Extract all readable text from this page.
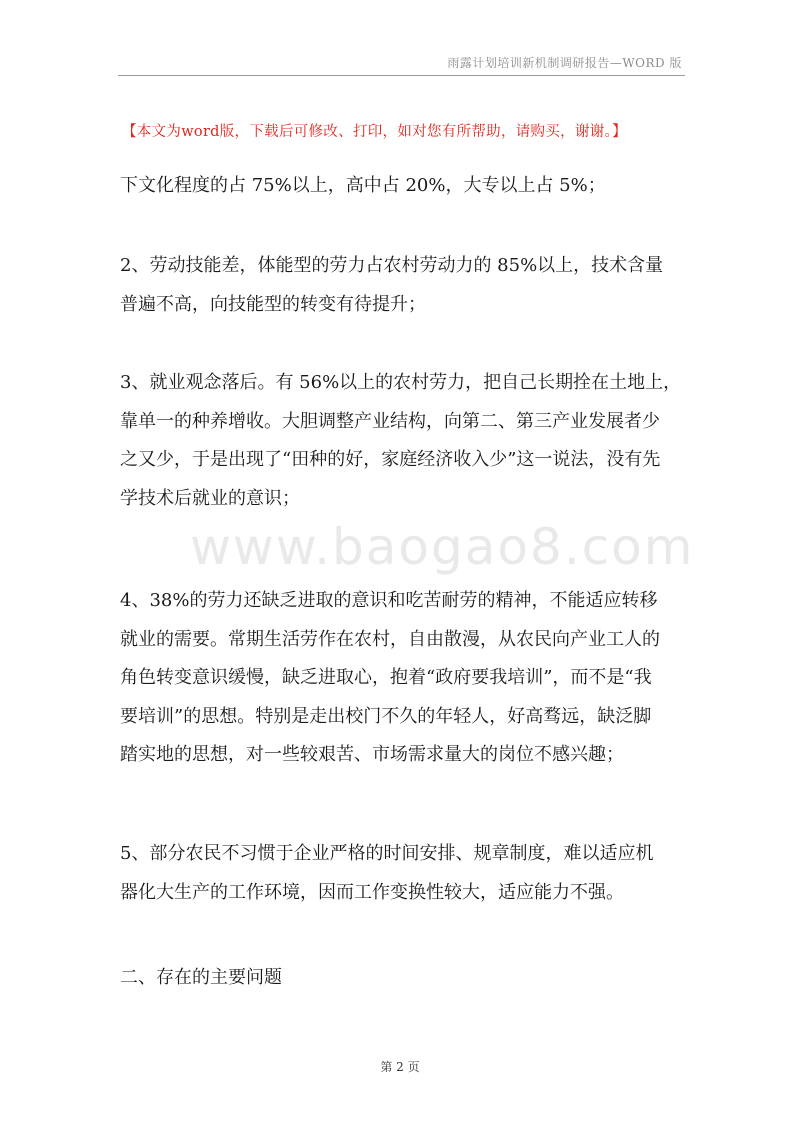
雨露计划培训新机制调研报告—WORD 版
【本文为word版，下载后可修改、打印，如对您有所帮助，请购买，谢谢。】
www.baogao8.com

下文化程度的占 75%以上，高中占 20%，大专以上占 5%；

2、劳动技能差，体能型的劳力占农村劳动力的 85%以上，技术含量
普遍不高，向技能型的转变有待提升；

3、就业观念落后。有 56%以上的农村劳力，把自己长期拴在土地上，
靠单一的种养增收。大胆调整产业结构，向第二、第三产业发展者少
之又少，于是出现了“田种的好，家庭经济收入少”这一说法，没有先
学技术后就业的意识；

4、38%的劳力还缺乏进取的意识和吃苦耐劳的精神，不能适应转移
就业的需要。常期生活劳作在农村，自由散漫，从农民向产业工人的
角色转变意识缓慢，缺乏进取心，抱着“政府要我培训”，而不是“我
要培训”的思想。特别是走出校门不久的年轻人，好高骛远，缺泛脚
踏实地的思想，对一些较艰苦、市场需求量大的岗位不感兴趣；

5、部分农民不习惯于企业严格的时间安排、规章制度，难以适应机
器化大生产的工作环境，因而工作变换性较大，适应能力不强。

二、存在的主要问题

第 2 页
